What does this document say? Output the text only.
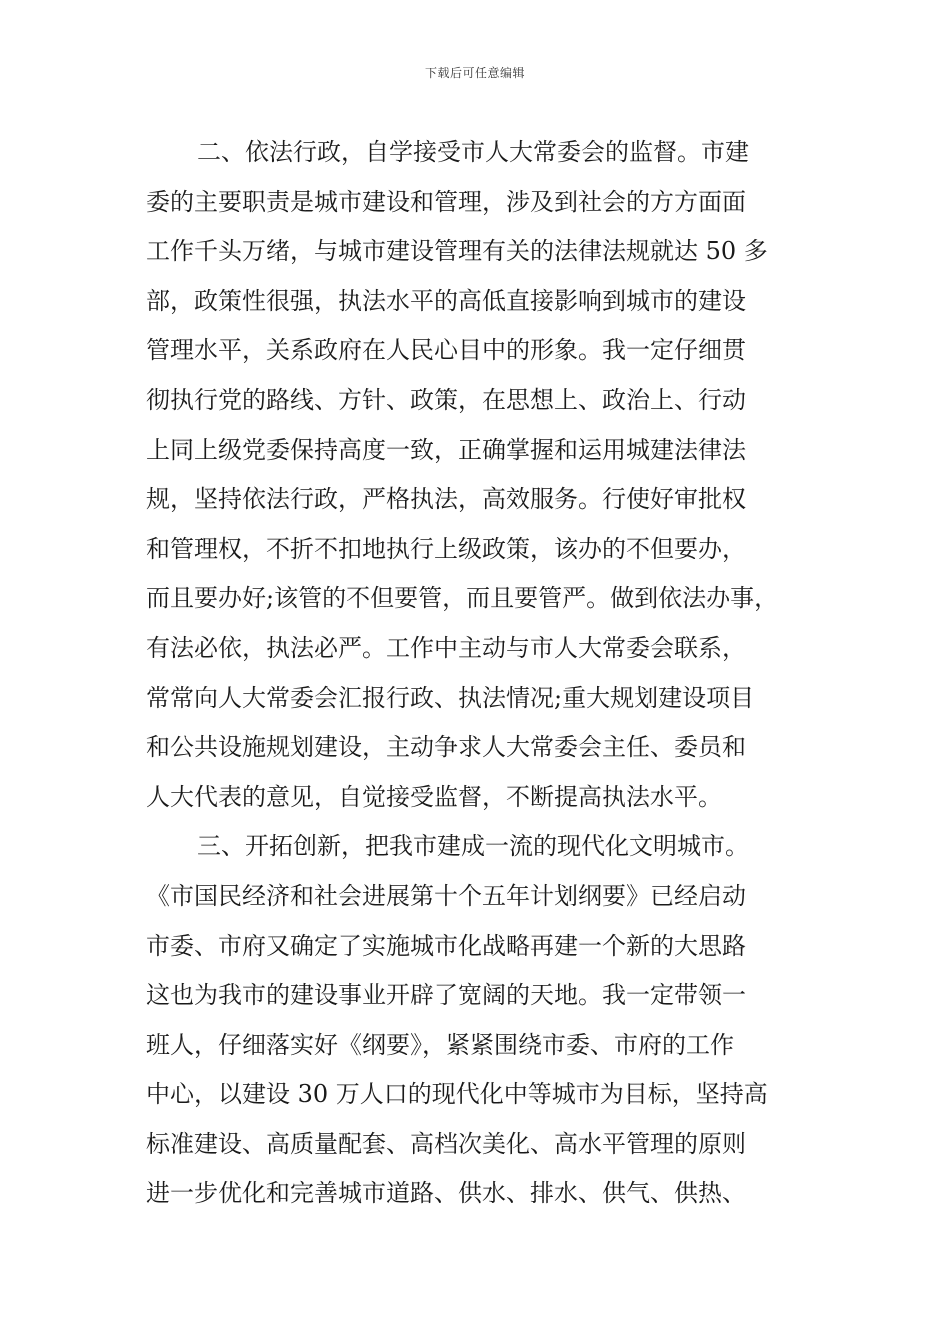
下载后可任意编辑
二、依法行政，自学接受市人大常委会的监督。市建
委的主要职责是城市建设和管理，涉及到社会的方方面面
工作千头万绪，与城市建设管理有关的法律法规就达 50 多
部，政策性很强，执法水平的高低直接影响到城市的建设
管理水平，关系政府在人民心目中的形象。我一定仔细贯
彻执行党的路线、方针、政策，在思想上、政治上、行动
上同上级党委保持高度一致，正确掌握和运用城建法律法
规，坚持依法行政，严格执法，高效服务。行使好审批权
和管理权，不折不扣地执行上级政策，该办的不但要办，
而且要办好;该管的不但要管，而且要管严。做到依法办事，
有法必依，执法必严。工作中主动与市人大常委会联系，
常常向人大常委会汇报行政、执法情况;重大规划建设项目
和公共设施规划建设，主动争求人大常委会主任、委员和
人大代表的意见，自觉接受监督，不断提高执法水平。
三、开拓创新，把我市建成一流的现代化文明城市。
《市国民经济和社会进展第十个五年计划纲要》已经启动
市委、市府又确定了实施城市化战略再建一个新的大思路
这也为我市的建设事业开辟了宽阔的天地。我一定带领一
班人，仔细落实好《纲要》，紧紧围绕市委、市府的工作
中心，以建设 30 万人口的现代化中等城市为目标，坚持高
标准建设、高质量配套、高档次美化、高水平管理的原则
进一步优化和完善城市道路、供水、排水、供气、供热、
